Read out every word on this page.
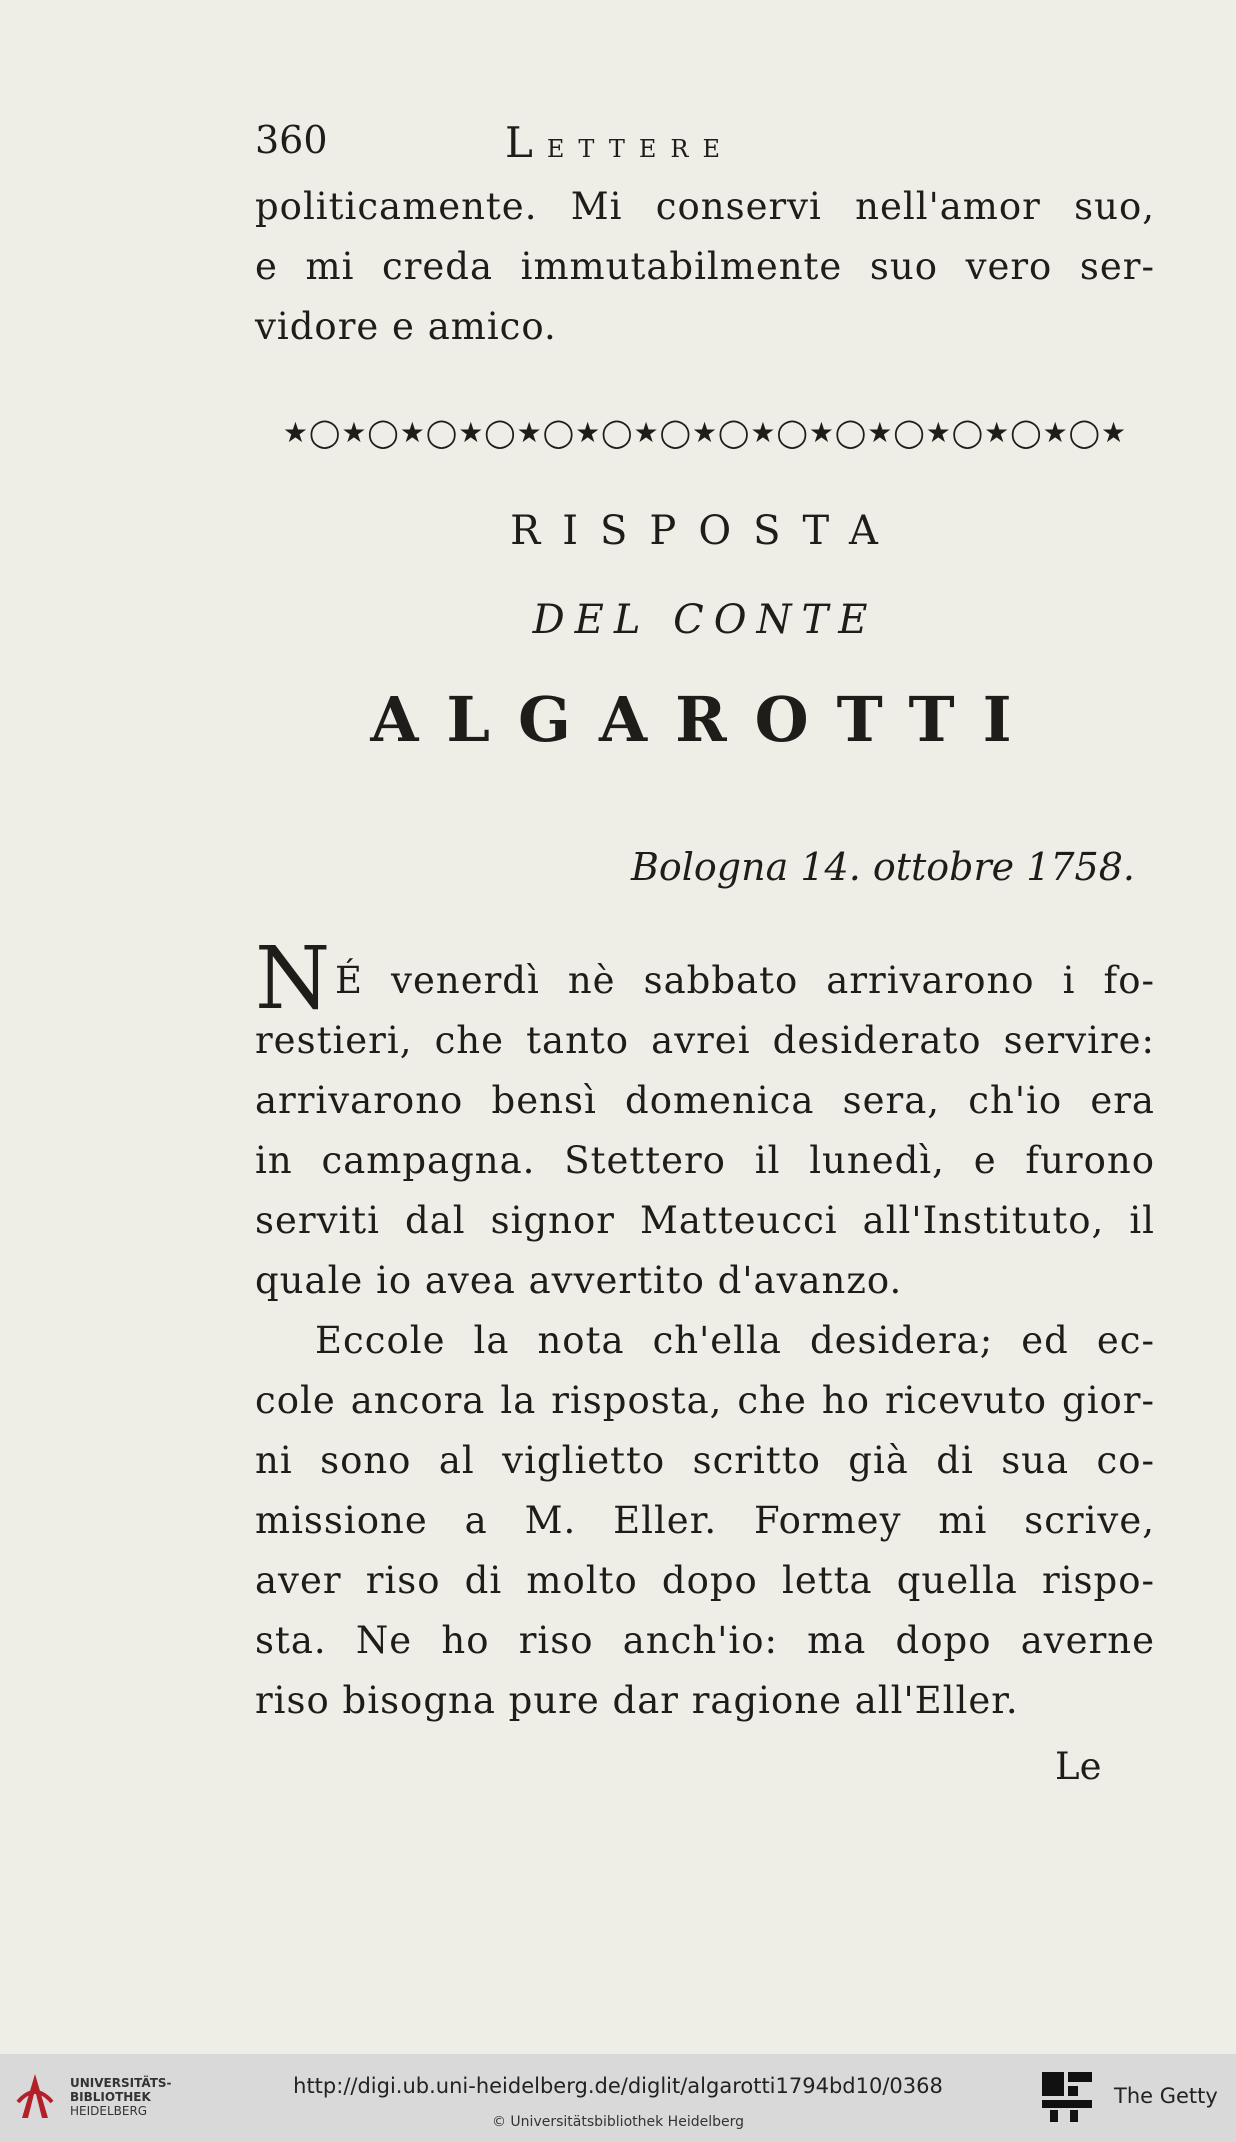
360	LETTERE
politicamente. Mi conservi nell'amor suo,
e mi creda immutabilmente suo vero ser-
vidore e amico.
★◯★◯★◯★◯★◯★◯★◯★◯★◯★◯★◯★◯★◯★◯★
RISPOSTA
DEL CONTE
ALGAROTTI
Bologna 14. ottobre 1758.
N É venerdì nè sabbato arrivarono i fo-
restieri, che tanto avrei desiderato servire:
arrivarono bensì domenica sera, ch'io era
in campagna. Stettero il lunedì, e furono
serviti dal signor Matteucci all'Instituto, il
quale io avea avvertito d'avanzo.
Eccole la nota ch'ella desidera; ed ec-
cole ancora la risposta, che ho ricevuto gior-
ni sono al viglietto scritto già di sua co-
missione a M. Eller. Formey mi scrive,
aver riso di molto dopo letta quella rispo-
sta. Ne ho riso anch'io: ma dopo averne
riso bisogna pure dar ragione all'Eller.
Le
UNIVERSITÄTS-
BIBLIOTHEK
HEIDELBERG
http://digi.ub.uni-heidelberg.de/diglit/algarotti1794bd10/0368
© Universitätsbibliothek Heidelberg
The Getty
